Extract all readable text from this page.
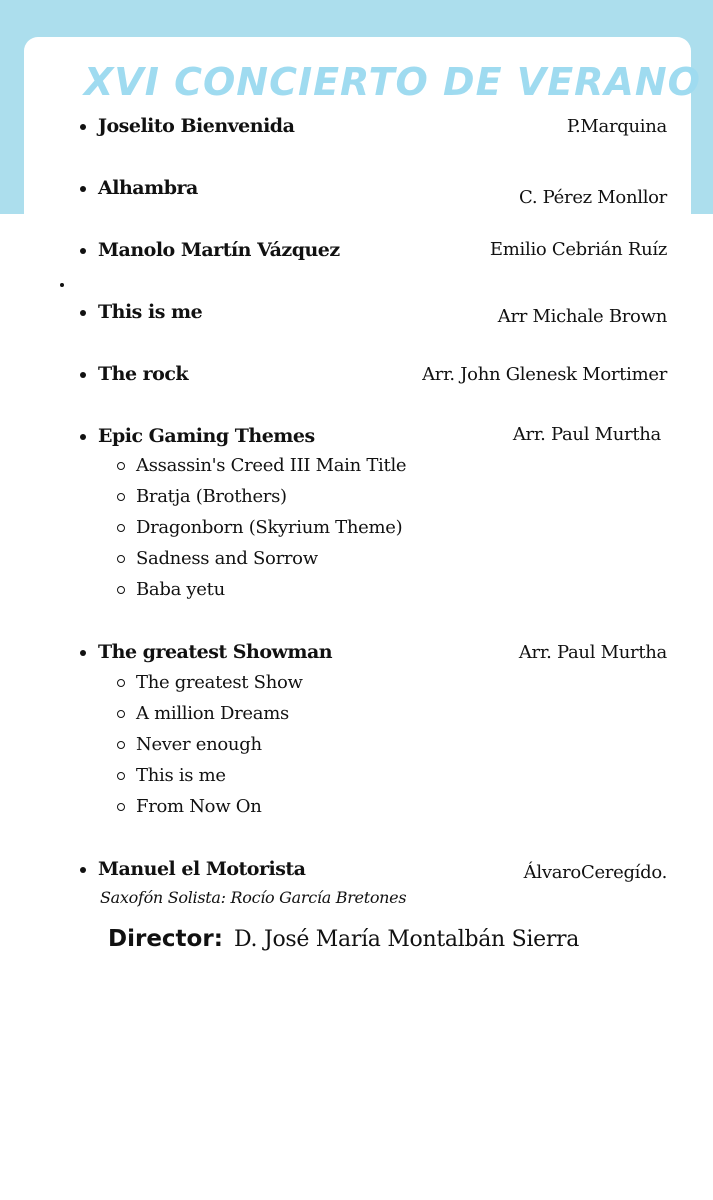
XVI CONCIERTO DE VERANO
Joselito Bienvenida	P.Marquina
Alhambra	C. Pérez Monllor
Manolo Martín Vázquez	Emilio Cebrián Ruíz
This is me	Arr Michale Brown
The rock	Arr. John Glenesk Mortimer
Epic Gaming Themes	Arr. Paul Murtha
Assassin's Creed III Main Title
Bratja (Brothers)
Dragonborn (Skyrium Theme)
Sadness and Sorrow
Baba yetu
The greatest Showman	Arr. Paul Murtha
The greatest Show
A million Dreams
Never enough
This is me
From Now On
Manuel el Motorista	ÁlvaroCeregído.
Saxofón Solista: Rocío García Bretones
Director: D. José María Montalbán Sierra
